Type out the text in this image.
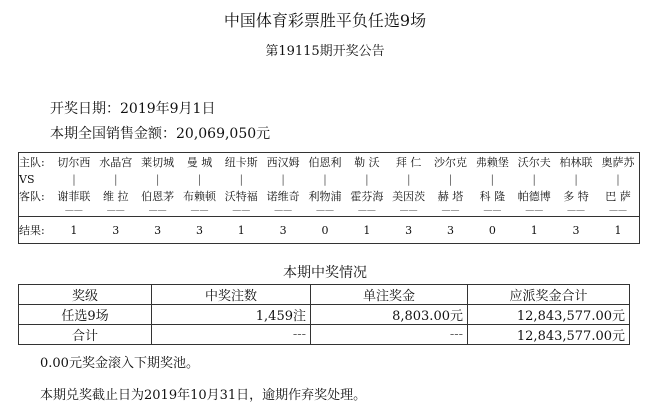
中国体育彩票胜平负任选9场
第19115期开奖公告
开奖日期：2019年9月1日
本期全国销售金额：20,069,050元
主队:	切尔西	水晶宫	莱切城	曼 城	纽卡斯	西汉姆	伯恩利	勒 沃	拜 仁	沙尔克	弗赖堡	沃尔夫	柏林联	奥萨苏
VS	|	|	|	|	|	|	|	|	|	|	|	|	|	|
客队:	谢菲联	维 拉	伯恩茅	布赖顿	沃特福	诺维奇	利物浦	霍芬海	美因茨	赫 塔	科 隆	帕德博	多 特	巴 萨
	——	——	——	——	——	——	——	——	——	——	——	——	——	——
结果:	1	3	3	3	1	3	0	1	3	3	0	1	3	1
本期中奖情况
奖级	中奖注数	单注奖金	应派奖金合计
任选9场	1,459注	8,803.00元	12,843,577.00元
合计	---	---	12,843,577.00元
0.00元奖金滚入下期奖池。
本期兑奖截止日为2019年10月31日，逾期作弃奖处理。
